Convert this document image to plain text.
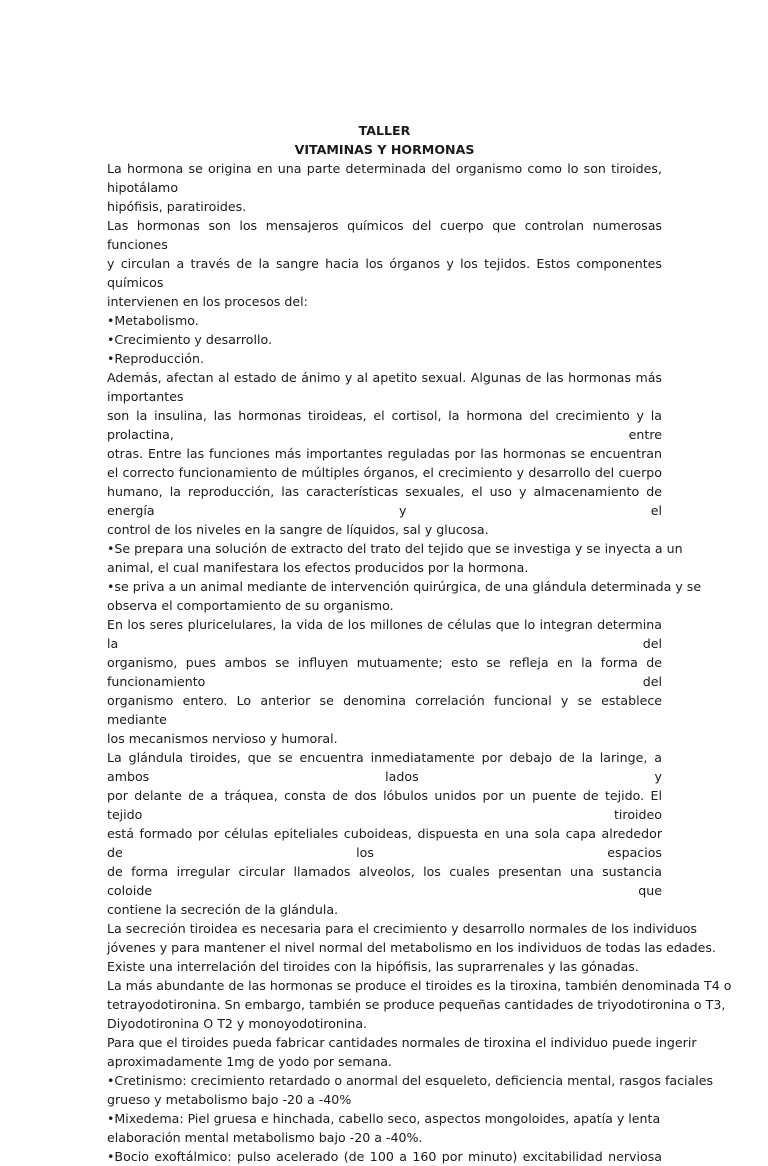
TALLER

VITAMINAS Y HORMONAS

La hormona se origina en una parte determinada del organismo como lo son tiroides, hipotálamo

hipófisis, paratiroides.

Las hormonas son los mensajeros químicos del cuerpo que controlan numerosas funciones

y circulan a través de la sangre hacia los órganos y los tejidos. Estos componentes

químicos

intervienen en los procesos del:

•Metabolismo.

•Crecimiento y desarrollo.

•Reproducción.

Además, afectan al estado de ánimo y al apetito sexual. Algunas de las hormonas más importantes

son la insulina, las hormonas tiroideas, el cortisol, la hormona del crecimiento y la prolactina, entre

otras. Entre las funciones más importantes reguladas por las hormonas se encuentran

el correcto funcionamiento de múltiples órganos, el crecimiento y desarrollo del cuerpo

humano, la reproducción, las características sexuales, el uso y almacenamiento de energía y el

control de los niveles en la sangre de líquidos, sal y glucosa.

•Se prepara una solución de extracto del trato del tejido que se investiga y se inyecta a un

animal, el cual manifestara los efectos producidos por la hormona.

•se priva a un animal mediante de intervención quirúrgica, de una glándula determinada y se

observa el comportamiento de su organismo.

En los seres pluricelulares, la vida de los millones de células que lo integran determina la del

organismo, pues ambos se influyen mutuamente; esto se refleja en la forma de funcionamiento del

organismo entero. Lo anterior se denomina correlación funcional y se establece mediante

los mecanismos nervioso y humoral.

La glándula tiroides, que se encuentra inmediatamente por debajo de la laringe, a ambos lados y

por delante de a tráquea, consta de dos lóbulos unidos por un puente de tejido. El tejido tiroideo

está formado por células epiteliales cuboideas, dispuesta en una sola capa alrededor de los espacios

de forma irregular circular llamados alveolos, los cuales presentan una sustancia coloide que

contiene la secreción de la glándula.

La secreción tiroidea es necesaria para el crecimiento y desarrollo normales de los individuos

jóvenes y para mantener el nivel normal del metabolismo en los individuos de todas las edades.

Existe una interrelación del tiroides con la hipófisis, las suprarrenales y las gónadas.

La más abundante de las hormonas se produce el tiroides es la tiroxina, también denominada T4 o

tetrayodotironina. Sn embargo, también se produce pequeñas cantidades de triyodotironina o T3,

Diyodotironina O T2 y monoyodotironina.

Para que el tiroides pueda fabricar cantidades normales de tiroxina el individuo puede ingerir

aproximadamente 1mg de yodo por semana.

•Cretinismo: crecimiento retardado o anormal del esqueleto, deficiencia mental, rasgos faciales

grueso y metabolismo bajo -20 a -40%

•Mixedema: Piel gruesa e hinchada, cabello seco, aspectos mongoloides, apatía y lenta

elaboración mental metabolismo bajo -20 a -40%.

•Bocio exoftálmico: pulso acelerado (de 100 a 160 por minuto) excitabilidad nerviosa
